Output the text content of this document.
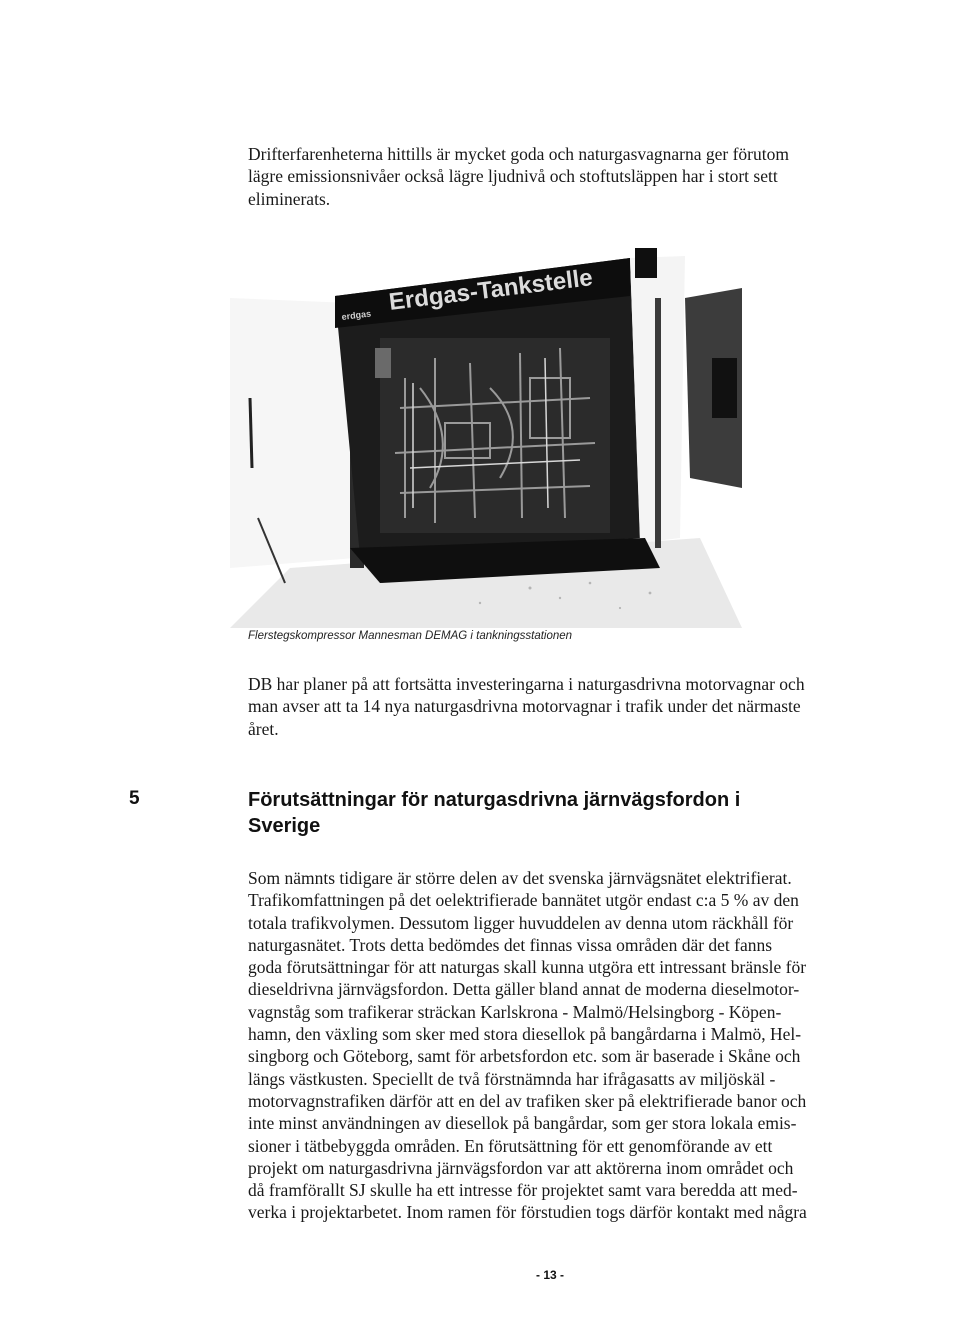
Drifterfarenheterna hittills är mycket goda och naturgasvagnarna ger förutom
lägre emissionsnivåer också lägre ljudnivå och stoftutsläppen har i stort sett
eliminerats.

Erdgas-Tankstelle
erdgas
Flerstegskompressor Mannesman DEMAG i tankningsstationen

DB har planer på att fortsätta investeringarna i naturgasdrivna motorvagnar och
man avser att ta 14 nya naturgasdrivna motorvagnar i trafik under det närmaste
året.

5	Förutsättningar för naturgasdrivna järnvägsfordon i
Sverige

Som nämnts tidigare är större delen av det svenska järnvägsnätet elektrifierat.
Trafikomfattningen på det oelektrifierade bannätet utgör endast c:a 5 % av den
totala trafikvolymen. Dessutom ligger huvuddelen av denna utom räckhåll för
naturgasnätet. Trots detta bedömdes det finnas vissa områden där det fanns
goda förutsättningar för att naturgas skall kunna utgöra ett intressant bränsle för
dieseldrivna järnvägsfordon. Detta gäller bland annat de moderna dieselmotor-
vagnståg som trafikerar sträckan Karlskrona - Malmö/Helsingborg - Köpen-
hamn, den växling som sker med stora diesellok på bangårdarna i Malmö, Hel-
singborg och Göteborg, samt för arbetsfordon etc. som är baserade i Skåne och
längs västkusten. Speciellt de två förstnämnda har ifrågasatts av miljöskäl -
motorvagnstrafiken därför att en del av trafiken sker på elektrifierade banor och
inte minst användningen av diesellok på bangårdar, som ger stora lokala emis-
sioner i tätbebyggda områden. En förutsättning för ett genomförande av ett
projekt om naturgasdrivna järnvägsfordon var att aktörerna inom området och
då framförallt SJ skulle ha ett intresse för projektet samt vara beredda att med-
verka i projektarbetet. Inom ramen för förstudien togs därför kontakt med några

- 13 -
